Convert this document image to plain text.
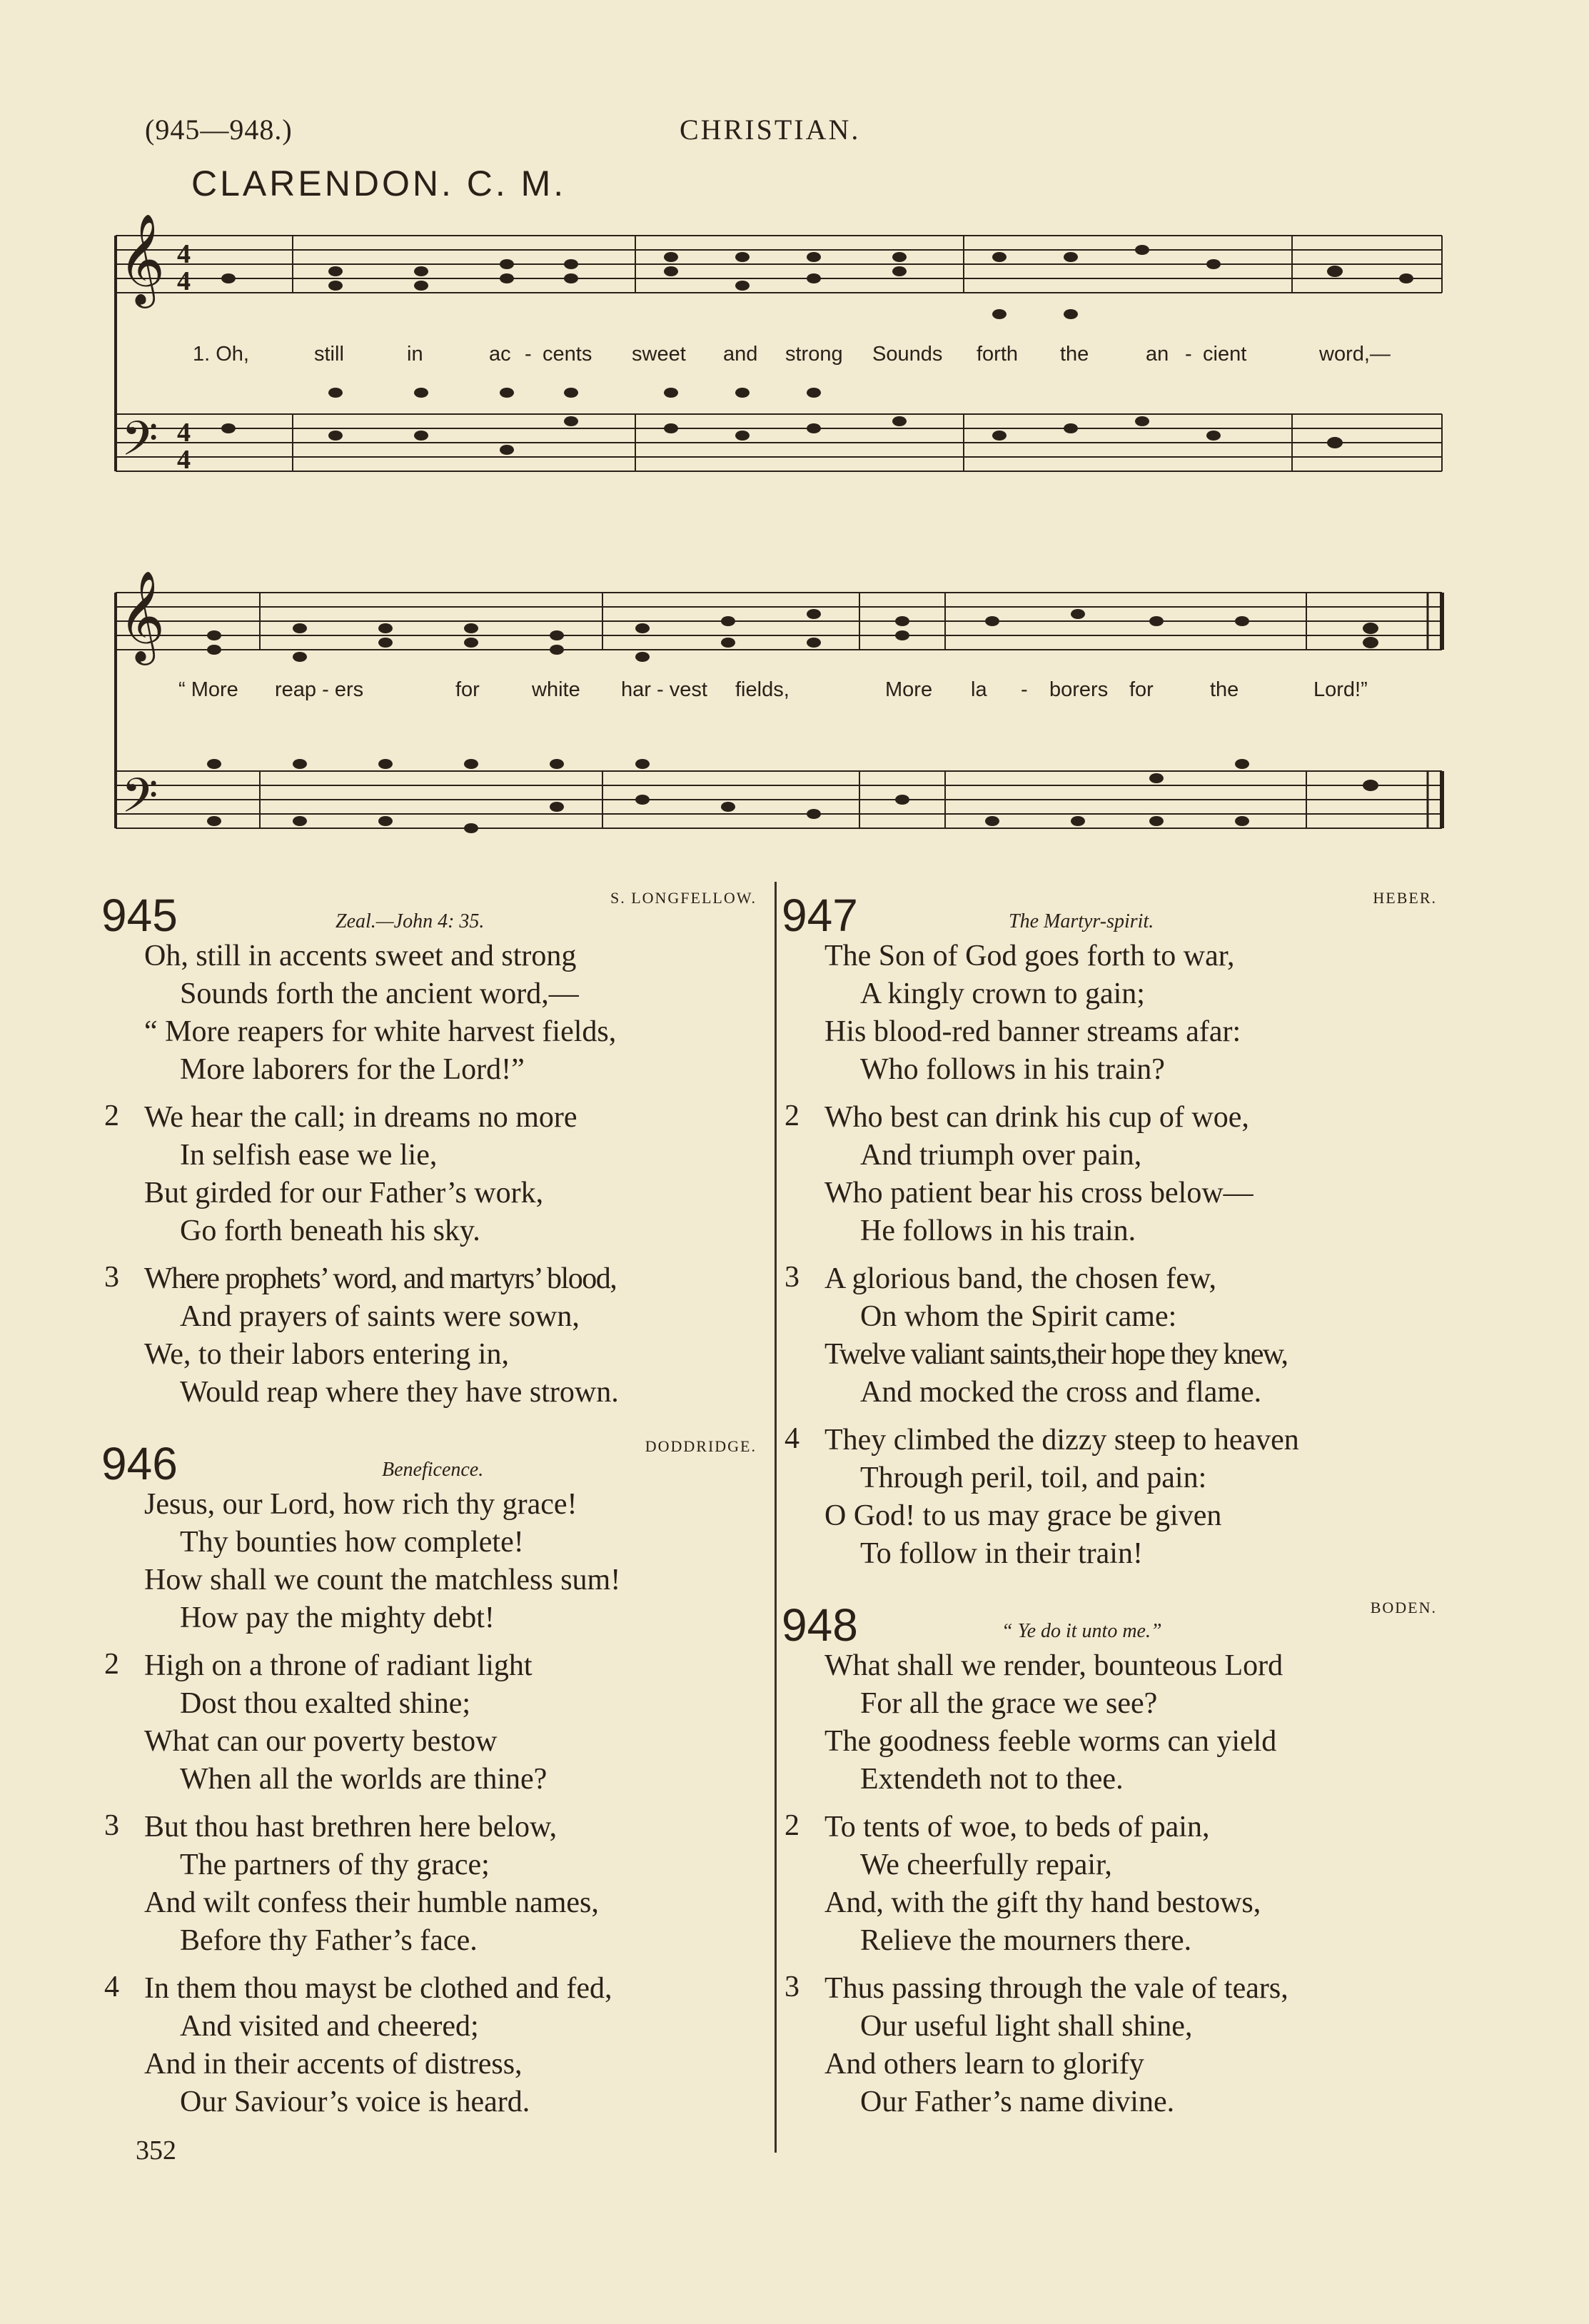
(945—948.)	CHRISTIAN.
CLARENDON. C. M.
𝄞
𝄢
4
4
4
4
1. Oh,	still	in	ac - cents sweet and strong Sounds forth the	an - cient	word,—
𝄞
𝄢
“ More reap - ers	for	white har - vest fields,	More la - borers for	the	Lord!”
945	Zeal.—John 4: 35.
S. LONGFELLOW.
Oh, still in accents sweet and strong
Sounds forth the ancient word,—
“ More reapers for white harvest fields,
More laborers for the Lord!”
2 We hear the call; in dreams no more
In selfish ease we lie,
But girded for our Father’s work,
Go forth beneath his sky.
3 Where prophets’ word, and martyrs’ blood,
And prayers of saints were sown,
We, to their labors entering in,
Would reap where they have strown.
946	Beneficence.
DODDRIDGE.
Jesus, our Lord, how rich thy grace!
Thy bounties how complete!
How shall we count the matchless sum!
How pay the mighty debt!
2 High on a throne of radiant light
Dost thou exalted shine;
What can our poverty bestow
When all the worlds are thine?
3 But thou hast brethren here below,
The partners of thy grace;
And wilt confess their humble names,
Before thy Father’s face.
4 In them thou mayst be clothed and fed,
And visited and cheered;
And in their accents of distress,
Our Saviour’s voice is heard.
947	The Martyr-spirit.
HEBER.
The Son of God goes forth to war,
A kingly crown to gain;
His blood-red banner streams afar:
Who follows in his train?
2 Who best can drink his cup of woe,
And triumph over pain,
Who patient bear his cross below—
He follows in his train.
3 A glorious band, the chosen few,
On whom the Spirit came:
Twelve valiant saints,their hope they knew,
And mocked the cross and flame.
4 They climbed the dizzy steep to heaven
Through peril, toil, and pain:
O God! to us may grace be given
To follow in their train!
948	“ Ye do it unto me.”
BODEN.
What shall we render, bounteous Lord
For all the grace we see?
The goodness feeble worms can yield
Extendeth not to thee.
2 To tents of woe, to beds of pain,
We cheerfully repair,
And, with the gift thy hand bestows,
Relieve the mourners there.
3 Thus passing through the vale of tears,
Our useful light shall shine,
And others learn to glorify
Our Father’s name divine.
352
